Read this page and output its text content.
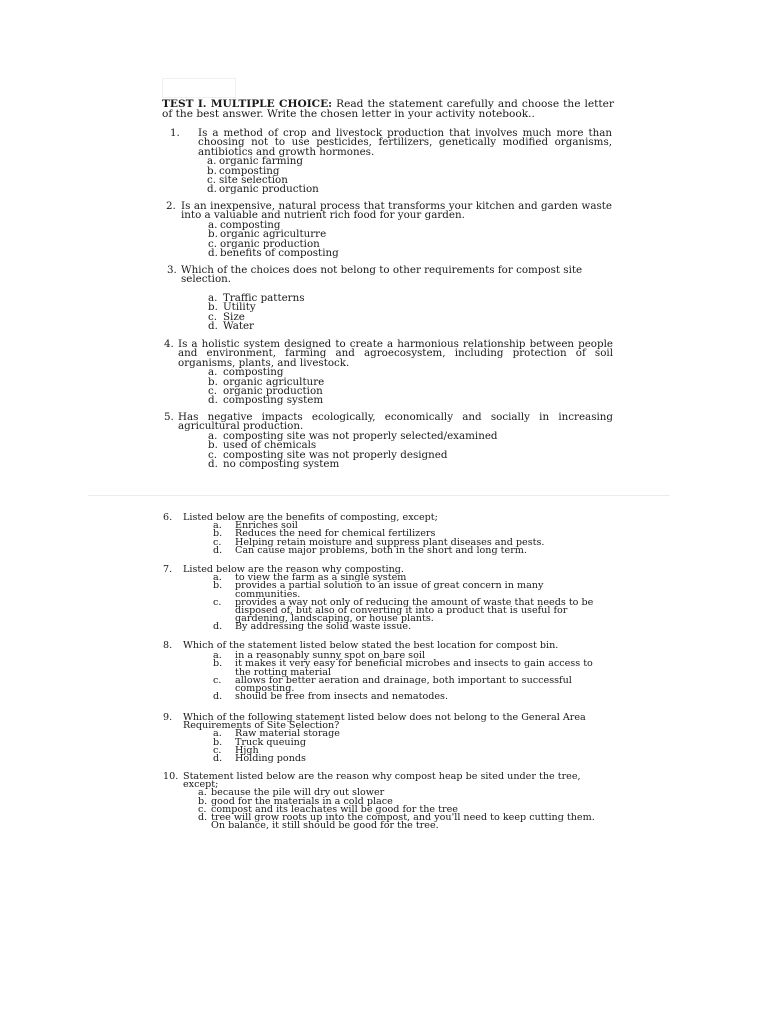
TEST I. MULTIPLE CHOICE: Read the statement carefully and choose the letter of the best answer. Write the chosen letter in your activity notebook..
1.	Is a method of crop and livestock production that involves much more than choosing not to use pesticides, fertilizers, genetically modified organisms, antibiotics and growth hormones.
a. organic farming
b. composting
c. site selection
d. organic production
2. Is an inexpensive, natural process that transforms your kitchen and garden waste into a valuable and nutrient rich food for your garden.
a. composting
b. organic agriculturre
c. organic production
d. benefits of composting
3. Which of the choices does not belong to other requirements for compost site selection.
a. Traffic patterns
b. Utility
c. Size
d. Water
4. Is a holistic system designed to create a harmonious relationship between people and environment, farming and agroecosystem, including protection of soil organisms, plants, and livestock.
a. composting
b. organic agriculture
c. organic production
d. composting system
5. Has negative impacts ecologically, economically and socially in increasing agricultural production.
a. composting site was not properly selected/examined
b. used of chemicals
c. composting site was not properly designed
d. no composting system
6. Listed below are the benefits of composting, except;
a. Enriches soil
b. Reduces the need for chemical fertilizers
c. Helping retain moisture and suppress plant diseases and pests.
d. Can cause major problems, both in the short and long term.
7. Listed below are the reason why composting.
a. to view the farm as a single system
b. provides a partial solution to an issue of great concern in many communities.
c. provides a way not only of reducing the amount of waste that needs to be disposed of, but also of converting it into a product that is useful for gardening, landscaping, or house plants.
d. By addressing the solid waste issue.
8. Which of the statement listed below stated the best location for compost bin.
a. in a reasonably sunny spot on bare soil
b. it makes it very easy for beneficial microbes and insects to gain access to the rotting material
c. allows for better aeration and drainage, both important to successful composting.
d. should be free from insects and nematodes.
9. Which of the following statement listed below does not belong to the General Area Requirements of Site Selection?
a. Raw material storage
b. Truck queuing
c. Hjgh
d. Holding ponds
10. Statement listed below are the reason why compost heap be sited under the tree, except;
a. because the pile will dry out slower
b. good for the materials in a cold place
c. compost and its leachates will be good for the tree
d. tree will grow roots up into the compost, and you'll need to keep cutting them. On balance, it still should be good for the tree.
